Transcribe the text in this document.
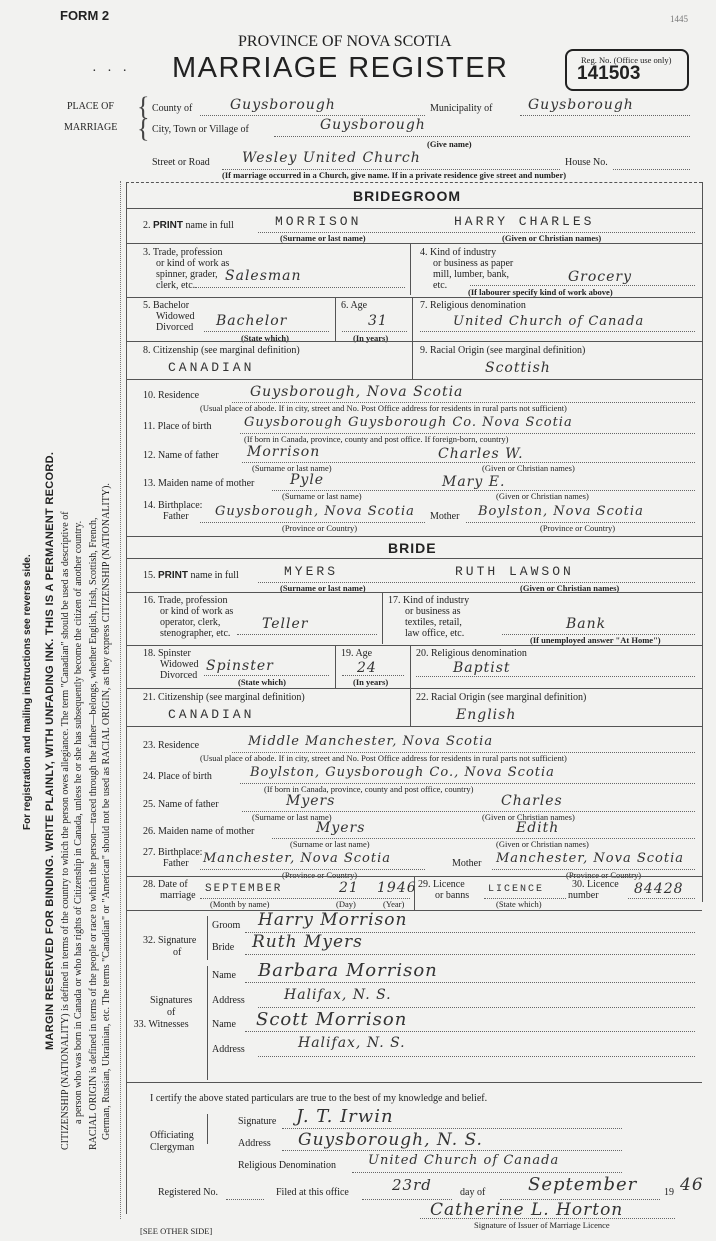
FORM 2	1445
PROVINCE OF NOVA SCOTIA
·   ·   · MARRIAGE REGISTER	Reg. No. (Office use only)
141503
PLACE OF
MARRIAGE
{
{
County of	Guysborough	Municipality of	Guysborough
City, Town or Village of	Guysborough
(Give name)
Street or Road Wesley United Church	House No.
(If marriage occurred in a Church, give name. If in a private residence give street and number)
MARGIN RESERVED FOR BINDING. WRITE PLAINLY, WITH UNFADING INK. THIS IS A PERMANENT RECORD.
For registration and mailing instructions see reverse side.	CITIZENSHIP (NATIONALITY) is defined in terms of the country to which the person owes allegiance. The term "Canadian" should be used as descriptive of a person who was born in Canada or who has rights of Citizenship in Canada, unless he or she has subsequently become the citizen of another country. RACIAL ORIGIN is defined in terms of the people or race to which the person—traced through the father—belongs, whether English, Irish, Scottish, French, German, Russian, Ukrainian, etc. The terms "Canadian" or "American" should not be used as RACIAL ORIGIN, as they express CITIZENSHIP (NATIONALITY).
BRIDEGROOM
2. PRINT name in full	MORRISON	HARRY CHARLES
(Surname or last name)	(Given or Christian names)
3. Trade, profession
or kind of work as
spinner, grader,
clerk, etc.
Salesman
4. Kind of industry
or business as paper
mill, lumber, bank,
etc.
Grocery
(If labourer specify kind of work above)
5. Bachelor
Widowed
Divorced Bachelor
(State which)
6. Age
31
(In years)
7. Religious denomination
United Church of Canada
8. Citizenship (see marginal definition)
CANADIAN
9. Racial Origin (see marginal definition)
Scottish
10. Residence	Guysborough, Nova Scotia
(Usual place of abode. If in city, street and No. Post Office address for residents in rural parts not sufficient)
11. Place of birth Guysborough Guysborough Co. Nova Scotia
(If born in Canada, province, county and post office. If foreign-born, country)
12. Name of father Morrison	Charles W.
(Surname or last name)	(Given or Christian names)
13. Maiden name of mother	Pyle	Mary E.
(Surname or last name)	(Given or Christian names)
14. Birthplace:
Father Guysborough, Nova Scotia Mother Boylston, Nova Scotia
(Province or Country)	(Province or Country)
BRIDE
15. PRINT name in full	MYERS	RUTH LAWSON
(Surname or last name)	(Given or Christian names)
16. Trade, profession
or kind of work as
operator, clerk,
stenographer, etc.
Teller
17. Kind of industry
or business as
textiles, retail,
law office, etc.
Bank
(If unemployed answer "At Home")
18. Spinster
Widowed
Divorced
Spinster
(State which)
19. Age
24
(In years)
20. Religious denomination
Baptist
21. Citizenship (see marginal definition)
CANADIAN
22. Racial Origin (see marginal definition)
English
23. Residence	Middle Manchester, Nova Scotia
(Usual place of abode. If in city, street and No. Post Office address for residents in rural parts not sufficient)
24. Place of birth	Boylston, Guysborough Co., Nova Scotia
(If born in Canada, province, county and post office, country)
25. Name of father	Myers	Charles
(Surname or last name)	(Given or Christian names)
26. Maiden name of mother	Myers	Edith
(Surname or last name)	(Given or Christian names)
27. Birthplace:
Father Manchester, Nova Scotia	Mother Manchester, Nova Scotia
(Province or Country)	(Province or Country)
28. Date of
marriage
SEPTEMBER	21 1946
(Month by name)	(Day)	(Year)
29. Licence
or banns
LICENCE
(State which)
30. Licence
number	84428
32. Signature
of
Groom Harry Morrison
Bride Ruth Myers
Signatures
of
33. Witnesses
Name Barbara Morrison
Address	Halifax, N. S.
Name Scott Morrison
Address	Halifax, N. S.
I certify the above stated particulars are true to the best of my knowledge and belief.
Officiating
Clergyman
Signature J. T. Irwin
Address Guysborough, N. S.
Religious Denomination United Church of Canada
Registered No.	Filed at this office	23rd	day of September	19 46
Catherine L. Horton
Signature of Issuer of Marriage Licence
[SEE OTHER SIDE]
